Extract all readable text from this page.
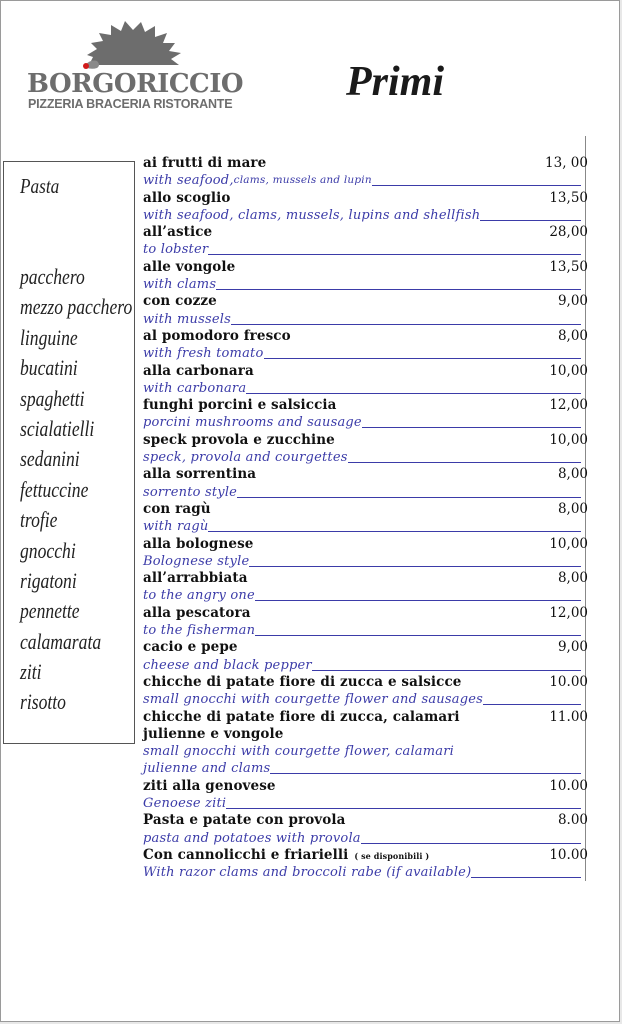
BORGORICCIO
PIZZERIA BRACERIA RISTORANTE	Primi
Pasta
pacchero
mezzo pacchero
linguine
bucatini
spaghetti
scialatielli
sedanini
fettuccine
trofie
gnocchi
rigatoni
pennette
calamarata
ziti
risotto
ai frutti di mare	13, 00
with seafood, clams, mussels and lupin
allo scoglio	13,50
with seafood, clams, mussels, lupins and shellfish
all’astice	28,00
to lobster
alle vongole	13,50
with clams
con cozze	9,00
with mussels
al pomodoro fresco	8,00
with fresh tomato
alla carbonara	10,00
with carbonara
funghi porcini e salsiccia	12,00
porcini mushrooms and sausage
speck provola e zucchine	10,00
speck, provola and courgettes
alla sorrentina	8,00
sorrento style
con ragù	8,00
with ragù
alla bolognese	10,00
Bolognese style
all’arrabbiata	8,00
to the angry one
alla pescatora	12,00
to the fisherman
cacio e pepe	9,00
cheese and black pepper
chicche di patate fiore di zucca e salsicce	10.00
small gnocchi with courgette flower and sausages
chicche di patate fiore di zucca, calamari	11.00
julienne e vongole
small gnocchi with courgette flower, calamari
julienne and clams
ziti alla genovese	10.00
Genoese ziti
Pasta e patate con provola	8.00
pasta and potatoes with provola
Con cannolicchi e friarielli ( se disponibili )	10.00
With razor clams and broccoli rabe (if available)
